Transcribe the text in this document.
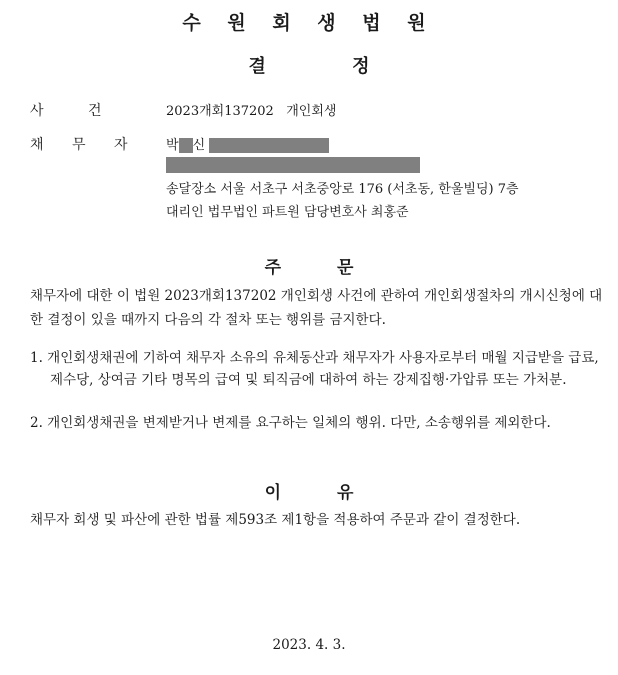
수 원 회 생 법 원
결 정
사 건	2023개회137202 개인회생
채 무 자	박 신
송달장소 서울 서초구 서초중앙로 176 (서초동, 한울빌딩) 7층
대리인 법무법인 파트원 담당변호사 최홍준
주 문
채무자에 대한 이 법원 2023개회137202 개인회생 사건에 관하여 개인회생절차의 개시신청에 대한 결정이 있을 때까지 다음의 각 절차 또는 행위를 금지한다.
1. 개인회생채권에 기하여 채무자 소유의 유체동산과 채무자가 사용자로부터 매월 지급받을 급료, 제수당, 상여금 기타 명목의 급여 및 퇴직금에 대하여 하는 강제집행·가압류 또는 가처분.
2. 개인회생채권을 변제받거나 변제를 요구하는 일체의 행위. 다만, 소송행위를 제외한다.
이 유
채무자 회생 및 파산에 관한 법률 제593조 제1항을 적용하여 주문과 같이 결정한다.
2023. 4. 3.
